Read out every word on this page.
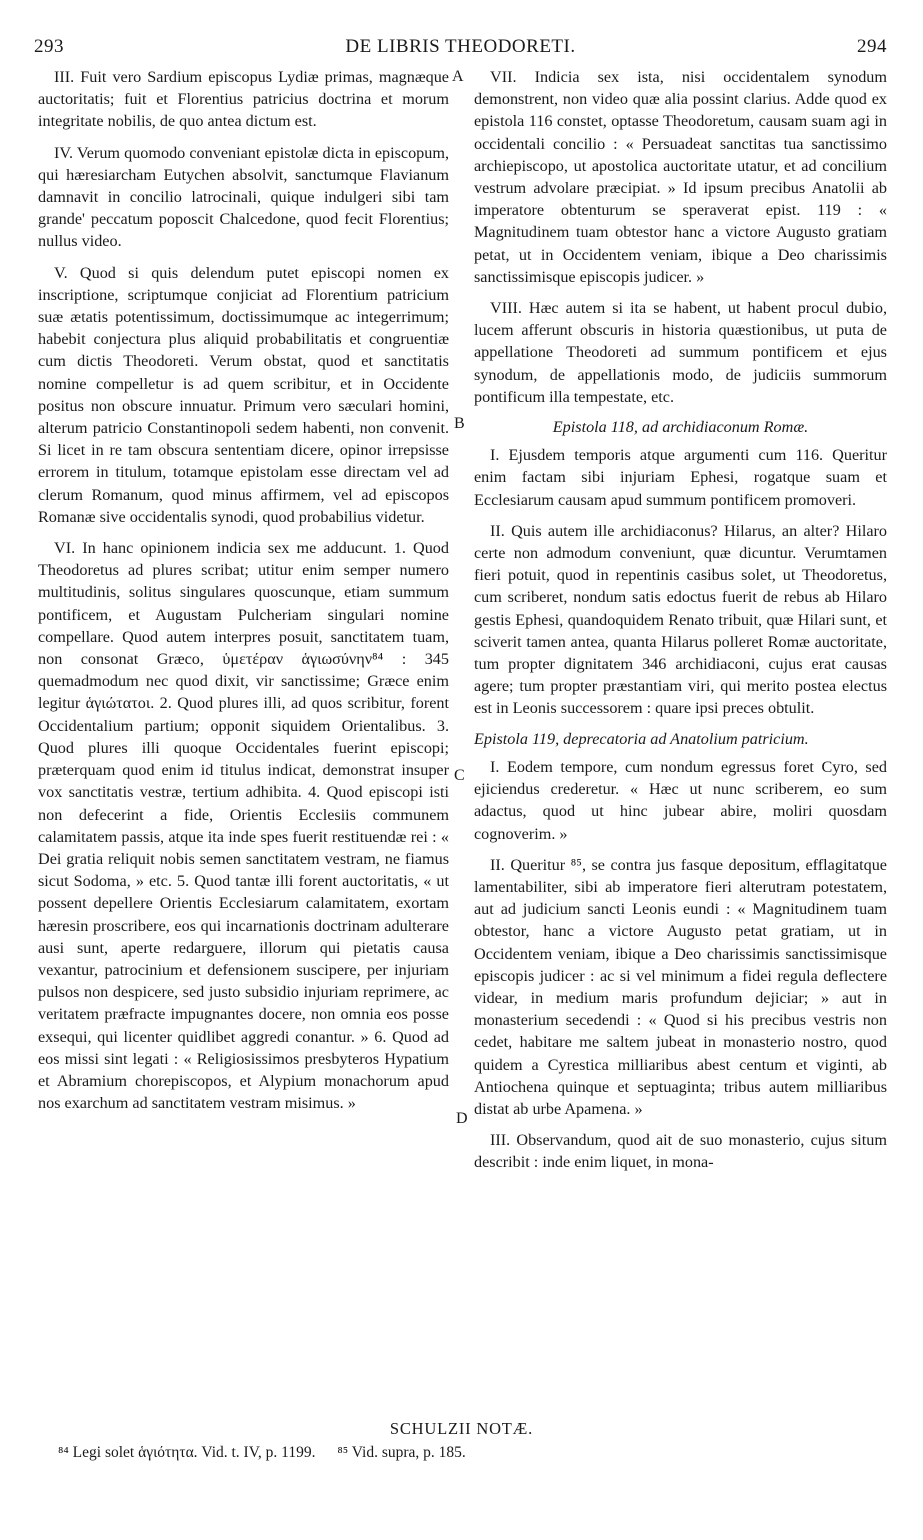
293	DE LIBRIS THEODORETI.	294

III. Fuit vero Sardium episcopus Lydiæ primas, magnæque auctoritatis; fuit et Florentius patricius doctrina et morum integritate nobilis, de quo antea dictum est.

IV. Verum quomodo conveniant epistolæ dicta in episcopum, qui hæresiarcham Eutychen absolvit, sanctumque Flavianum damnavit in concilio latrocinali, quique indulgeri sibi tam grande' peccatum poposcit Chalcedone, quod fecit Florentius; nullus video.

V. Quod si quis delendum putet episcopi nomen ex inscriptione, scriptumque conjiciat ad Florentium patricium suæ ætatis potentissimum, doctissimumque ac integerrimum; habebit conjectura plus aliquid probabilitatis et congruentiæ cum dictis Theodoreti. Verum obstat, quod et sanctitatis nomine compelletur is ad quem scribitur, et in Occidente positus non obscure innuatur. Primum vero sæculari homini, alterum patricio Constantinopoli sedem habenti, non convenit. Si licet in re tam obscura sententiam dicere, opinor irrepsisse errorem in titulum, totamque epistolam esse directam vel ad clerum Romanum, quod minus affirmem, vel ad episcopos Romanæ sive occidentalis synodi, quod probabilius videtur.

VI. In hanc opinionem indicia sex me adducunt. 1. Quod Theodoretus ad plures scribat; utitur enim semper numero multitudinis, solitus singulares quoscunque, etiam summum pontificem, et Augustam Pulcheriam singulari nomine compellare. Quod autem interpres posuit, sanctitatem tuam, non consonat Græco, ὑμετέραν ἁγιωσύνην⁸⁴ : 345 quemadmodum nec quod dixit, vir sanctissime; Græce enim legitur ἁγιώτατοι. 2. Quod plures illi, ad quos scribitur, forent Occidentalium partium; opponit siquidem Orientalibus. 3. Quod plures illi quoque Occidentales fuerint episcopi; præterquam quod enim id titulus indicat, demonstrat insuper vox sanctitatis vestræ, tertium adhibita. 4. Quod episcopi isti non defecerint a fide, Orientis Ecclesiis communem calamitatem passis, atque ita inde spes fuerit restituendæ rei : « Dei gratia reliquit nobis semen sanctitatem vestram, ne fiamus sicut Sodoma, » etc. 5. Quod tantæ illi forent auctoritatis, « ut possent depellere Orientis Ecclesiarum calamitatem, exortam hæresin proscribere, eos qui incarnationis doctrinam adulterare ausi sunt, aperte redarguere, illorum qui pietatis causa vexantur, patrocinium et defensionem suscipere, per injuriam pulsos non despicere, sed justo subsidio injuriam reprimere, ac veritatem præfracte impugnantes docere, non omnia eos posse exsequi, qui licenter quidlibet aggredi conantur. » 6. Quod ad eos missi sint legati : « Religiosissimos presbyteros Hypatium et Abramium chorepiscopos, et Alypium monachorum apud nos exarchum ad sanctitatem vestram misimus. »

VII. Indicia sex ista, nisi occidentalem synodum demonstrent, non video quæ alia possint clarius. Adde quod ex epistola 116 constet, optasse Theodoretum, causam suam agi in occidentali concilio : « Persuadeat sanctitas tua sanctissimo archiepiscopo, ut apostolica auctoritate utatur, et ad concilium vestrum advolare præcipiat. » Id ipsum precibus Anatolii ab imperatore obtenturum se speraverat epist. 119 : « Magnitudinem tuam obtestor hanc a victore Augusto gratiam petat, ut in Occidentem veniam, ibique a Deo charissimis sanctissimisque episcopis judicer. »

VIII. Hæc autem si ita se habent, ut habent procul dubio, lucem afferunt obscuris in historia quæstionibus, ut puta de appellatione Theodoreti ad summum pontificem et ejus synodum, de appellationis modo, de judiciis summorum pontificum illa tempestate, etc.

Epistola 118, ad archidiaconum Romæ.

I. Ejusdem temporis atque argumenti cum 116. Queritur enim factam sibi injuriam Ephesi, rogatque suam et Ecclesiarum causam apud summum pontificem promoveri.

II. Quis autem ille archidiaconus? Hilarus, an alter? Hilaro certe non admodum conveniunt, quæ dicuntur. Verumtamen fieri potuit, quod in repentinis casibus solet, ut Theodoretus, cum scriberet, nondum satis edoctus fuerit de rebus ab Hilaro gestis Ephesi, quandoquidem Renato tribuit, quæ Hilari sunt, et sciverit tamen antea, quanta Hilarus polleret Romæ auctoritate, tum propter dignitatem 346 archidiaconi, cujus erat causas agere; tum propter præstantiam viri, qui merito postea electus est in Leonis successorem : quare ipsi preces obtulit.

Epistola 119, deprecatoria ad Anatolium patricium.

I. Eodem tempore, cum nondum egressus foret Cyro, sed ejiciendus crederetur. « Hæc ut nunc scriberem, eo sum adactus, quod ut hinc jubear abire, moliri quosdam cognoverim. »

II. Queritur ⁸⁵, se contra jus fasque depositum, efflagitatque lamentabiliter, sibi ab imperatore fieri alterutram potestatem, aut ad judicium sancti Leonis eundi : « Magnitudinem tuam obtestor, hanc a victore Augusto petat gratiam, ut in Occidentem veniam, ibique a Deo charissimis sanctissimisque episcopis judicer : ac si vel minimum a fidei regula deflectere videar, in medium maris profundum dejiciar; » aut in monasterium secedendi : « Quod si his precibus vestris non cedet, habitare me saltem jubeat in monasterio nostro, quod quidem a Cyrestica milliaribus abest centum et viginti, ab Antiochena quinque et septuaginta; tribus autem milliaribus distat ab urbe Apamena. »

III. Observandum, quod ait de suo monasterio, cujus situm describit : inde enim liquet, in mona-

A
B
C
D
SCHULZII NOTÆ.
⁸⁴ Legi solet ἁγιότητα. Vid. t. IV, p. 1199. ⁸⁵ Vid. supra, p. 185.
